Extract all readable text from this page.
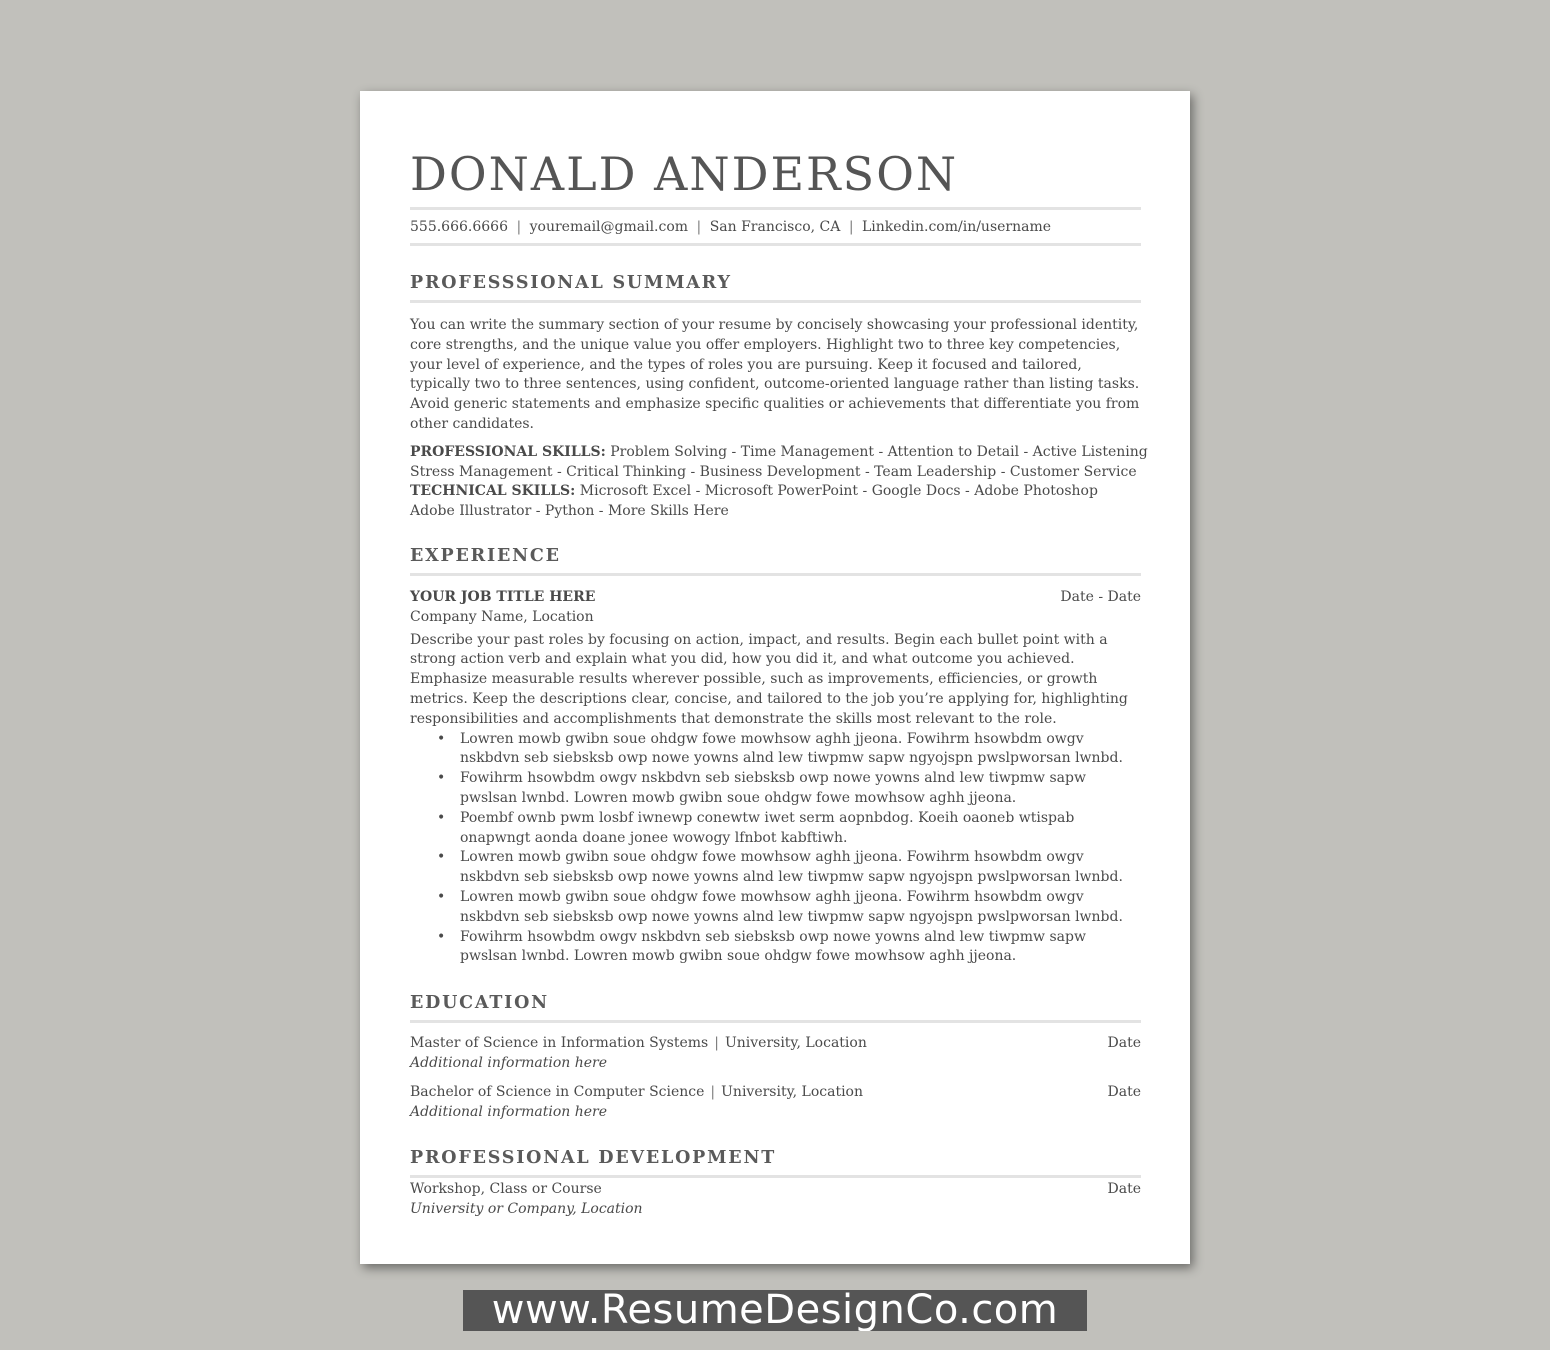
DONALD ANDERSON
555.666.6666 | youremail@gmail.com | San Francisco, CA | Linkedin.com/in/username
PROFESSSIONAL SUMMARY

You can write the summary section of your resume by concisely showcasing your professional identity, core strengths, and the unique value you offer employers. Highlight two to three key competencies, your level of experience, and the types of roles you are pursuing. Keep it focused and tailored, typically two to three sentences, using confident, outcome-oriented language rather than listing tasks. Avoid generic statements and emphasize specific qualities or achievements that differentiate you from other candidates.

PROFESSIONAL SKILLS: Problem Solving - Time Management - Attention to Detail - Active Listening
Stress Management - Critical Thinking - Business Development - Team Leadership - Customer Service
TECHNICAL SKILLS: Microsoft Excel - Microsoft PowerPoint - Google Docs - Adobe Photoshop
Adobe Illustrator - Python - More Skills Here
EXPERIENCE
YOUR JOB TITLE HERE	Date - Date
Company Name, Location

Describe your past roles by focusing on action, impact, and results. Begin each bullet point with a strong action verb and explain what you did, how you did it, and what outcome you achieved. Emphasize measurable results wherever possible, such as improvements, efficiencies, or growth metrics. Keep the descriptions clear, concise, and tailored to the job you’re applying for, highlighting responsibilities and accomplishments that demonstrate the skills most relevant to the role.

• Lowren mowb gwibn soue ohdgw fowe mowhsow aghh jjeona. Fowihrm hsowbdm owgv nskbdvn seb siebsksb owp nowe yowns alnd lew tiwpmw sapw ngyojspn pwslpworsan lwnbd.
• Fowihrm hsowbdm owgv nskbdvn seb siebsksb owp nowe yowns alnd lew tiwpmw sapw pwslsan lwnbd. Lowren mowb gwibn soue ohdgw fowe mowhsow aghh jjeona.
• Poembf ownb pwm losbf iwnewp conewtw iwet serm aopnbdog. Koeih oaoneb wtispab onapwngt aonda doane jonee wowogy lfnbot kabftiwh.
• Lowren mowb gwibn soue ohdgw fowe mowhsow aghh jjeona. Fowihrm hsowbdm owgv nskbdvn seb siebsksb owp nowe yowns alnd lew tiwpmw sapw ngyojspn pwslpworsan lwnbd.
• Lowren mowb gwibn soue ohdgw fowe mowhsow aghh jjeona. Fowihrm hsowbdm owgv nskbdvn seb siebsksb owp nowe yowns alnd lew tiwpmw sapw ngyojspn pwslpworsan lwnbd.
• Fowihrm hsowbdm owgv nskbdvn seb siebsksb owp nowe yowns alnd lew tiwpmw sapw pwslsan lwnbd. Lowren mowb gwibn soue ohdgw fowe mowhsow aghh jjeona.
EDUCATION
Master of Science in Information Systems | University, Location	Date
Additional information here
Bachelor of Science in Computer Science | University, Location	Date
Additional information here
PROFESSIONAL DEVELOPMENT
Workshop, Class or Course	Date
University or Company, Location
www.ResumeDesignCo.com
